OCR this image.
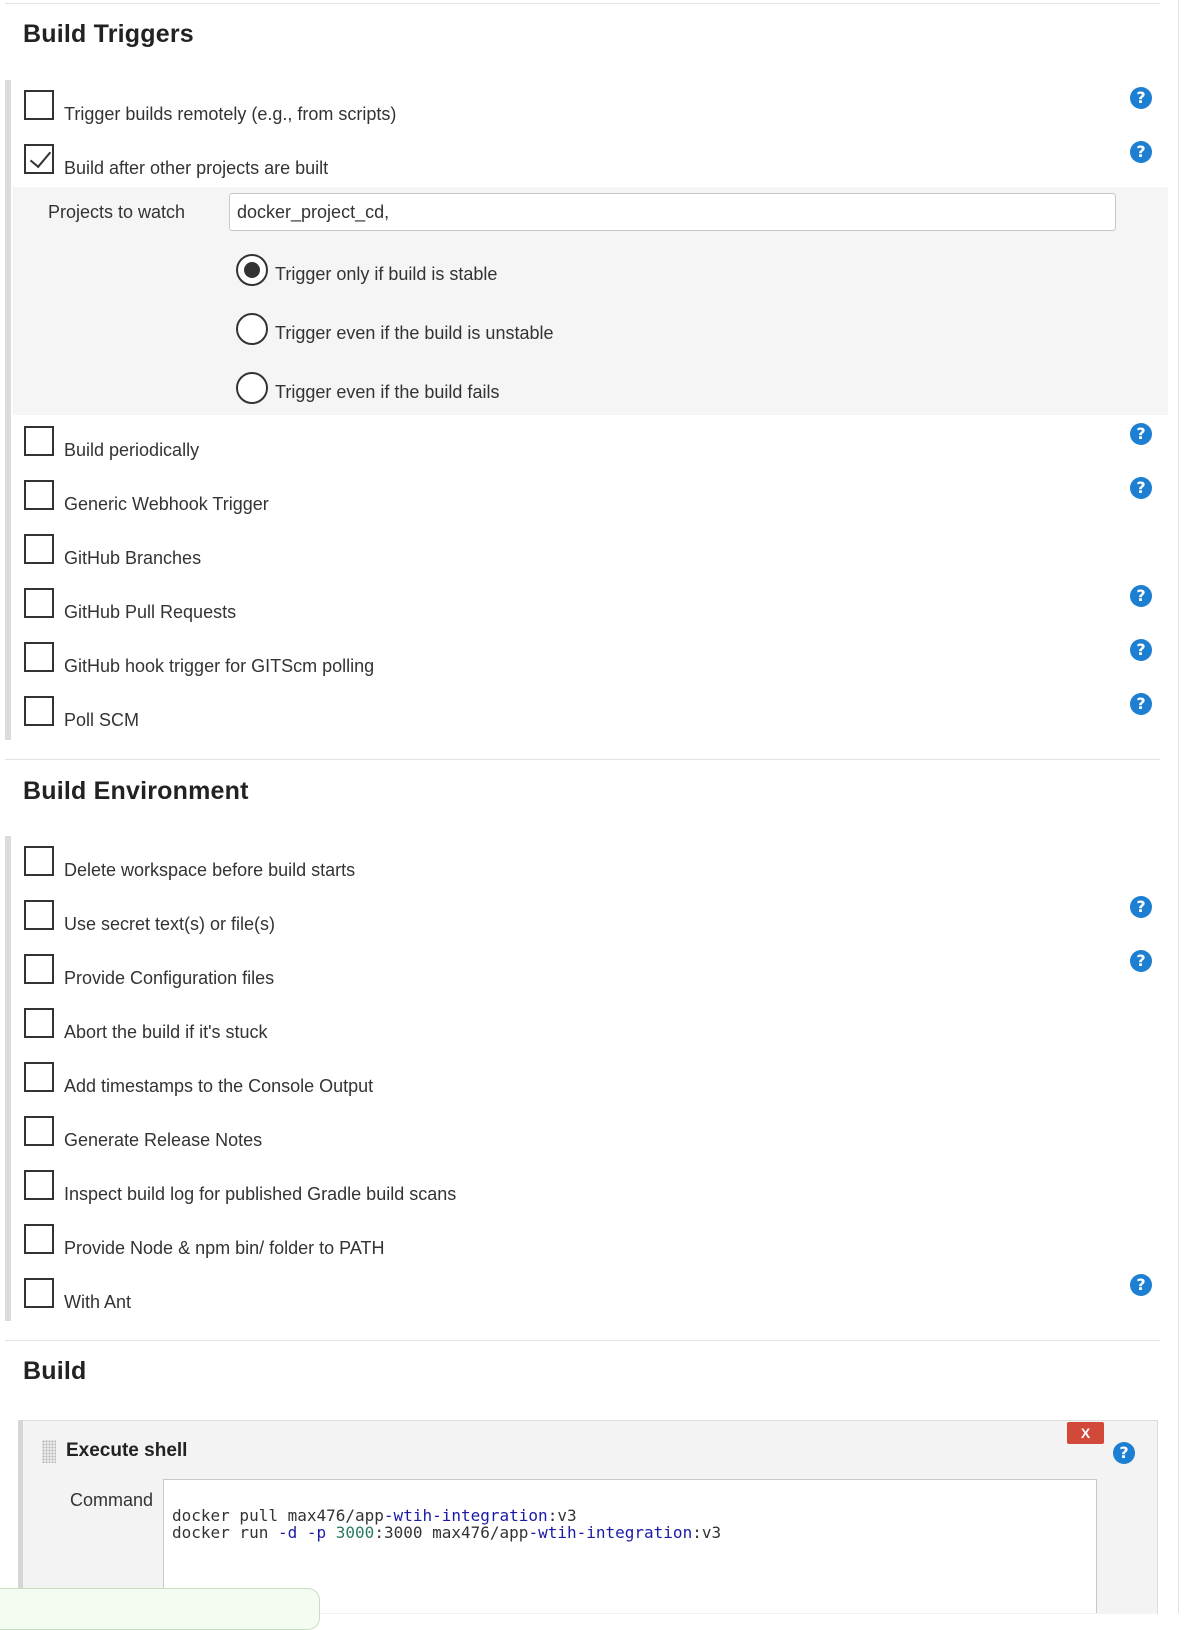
Build Triggers
Trigger builds remotely (e.g., from scripts)
?
Build after other projects are built
?
Projects to watch
docker_project_cd,
Trigger only if build is stable
Trigger even if the build is unstable
Trigger even if the build fails
Build periodically
?
Generic Webhook Trigger
?
GitHub Branches
GitHub Pull Requests
?
GitHub hook trigger for GITScm polling
?
Poll SCM
?
Build Environment
Delete workspace before build starts
Use secret text(s) or file(s)
?
Provide Configuration files
?
Abort the build if it's stuck
Add timestamps to the Console Output
Generate Release Notes
Inspect build log for published Gradle build scans
Provide Node & npm bin/ folder to PATH
With Ant
?
Build
Execute shell
X
?
Command
docker pull max476/app-wtih-integration:v3
docker run -d -p 3000:3000 max476/app-wtih-integration:v3
